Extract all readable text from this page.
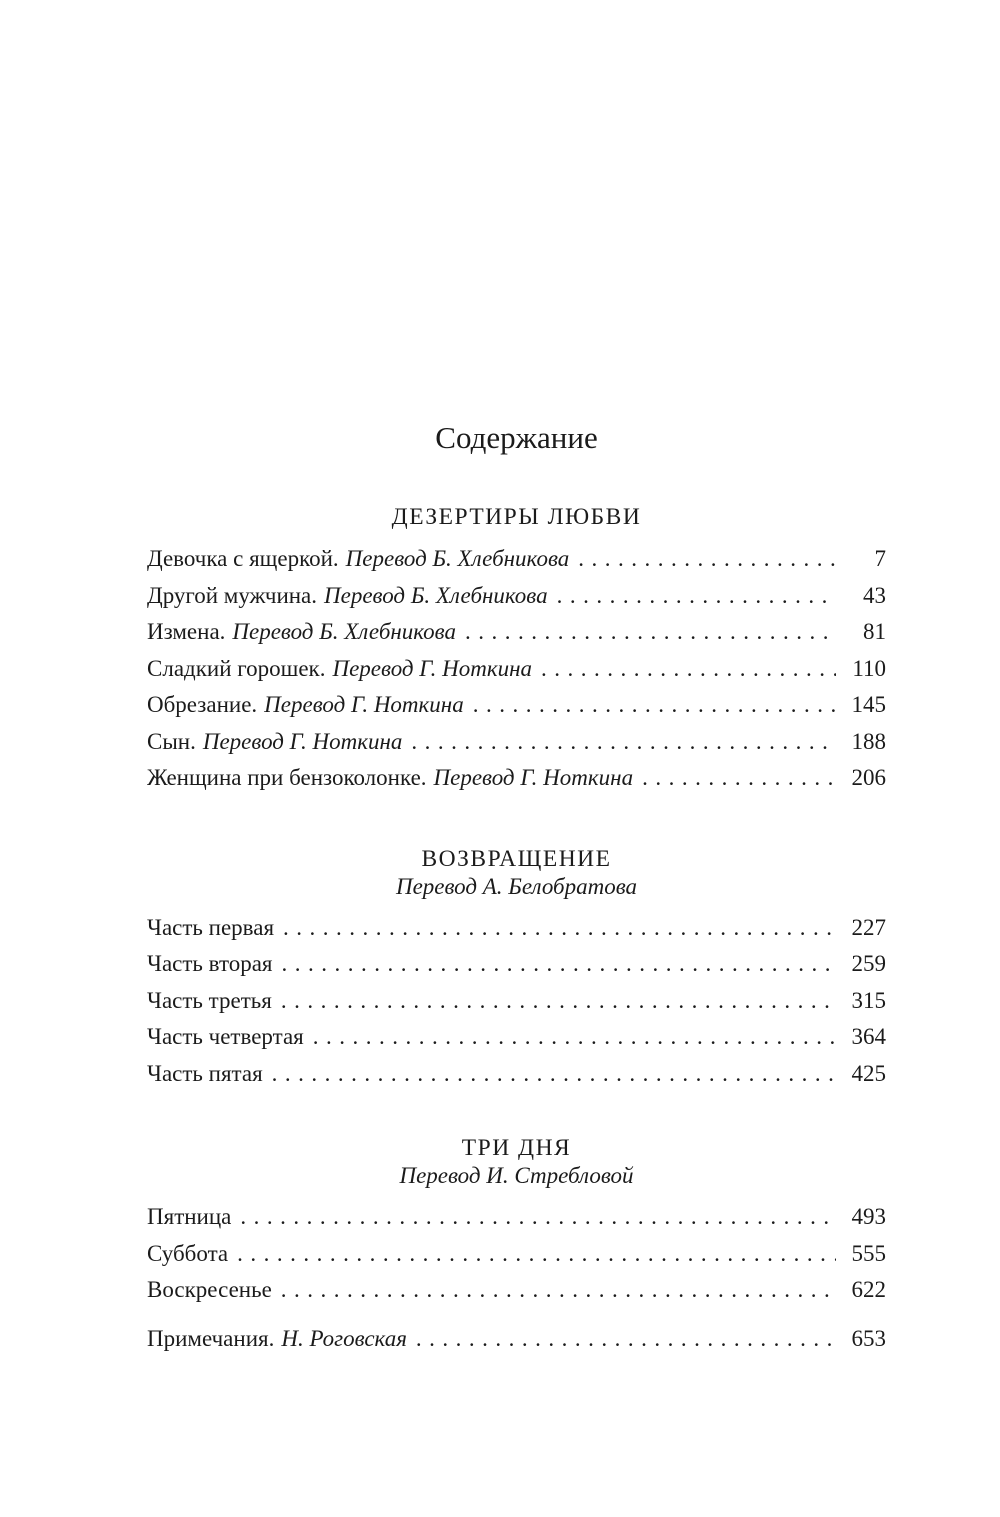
Содержание
ДЕЗЕРТИРЫ ЛЮБВИ
Девочка с ящеркой. Перевод Б. Хлебникова .....	7
Другой мужчина. Перевод Б. Хлебникова .....	43
Измена. Перевод Б. Хлебникова .....	81
Сладкий горошек. Перевод Г. Ноткина .....	110
Обрезание. Перевод Г. Ноткина .....	145
Сын. Перевод Г. Ноткина .....	188
Женщина при бензоколонке. Перевод Г. Ноткина .....	206
ВОЗВРАЩЕНИЕ
Перевод А. Белобратова
Часть первая .....	227
Часть вторая .....	259
Часть третья .....	315
Часть четвертая .....	364
Часть пятая .....	425
ТРИ ДНЯ
Перевод И. Стребловой
Пятница .....	493
Суббота .....	555
Воскресенье .....	622
Примечания. Н. Роговская .....	653
